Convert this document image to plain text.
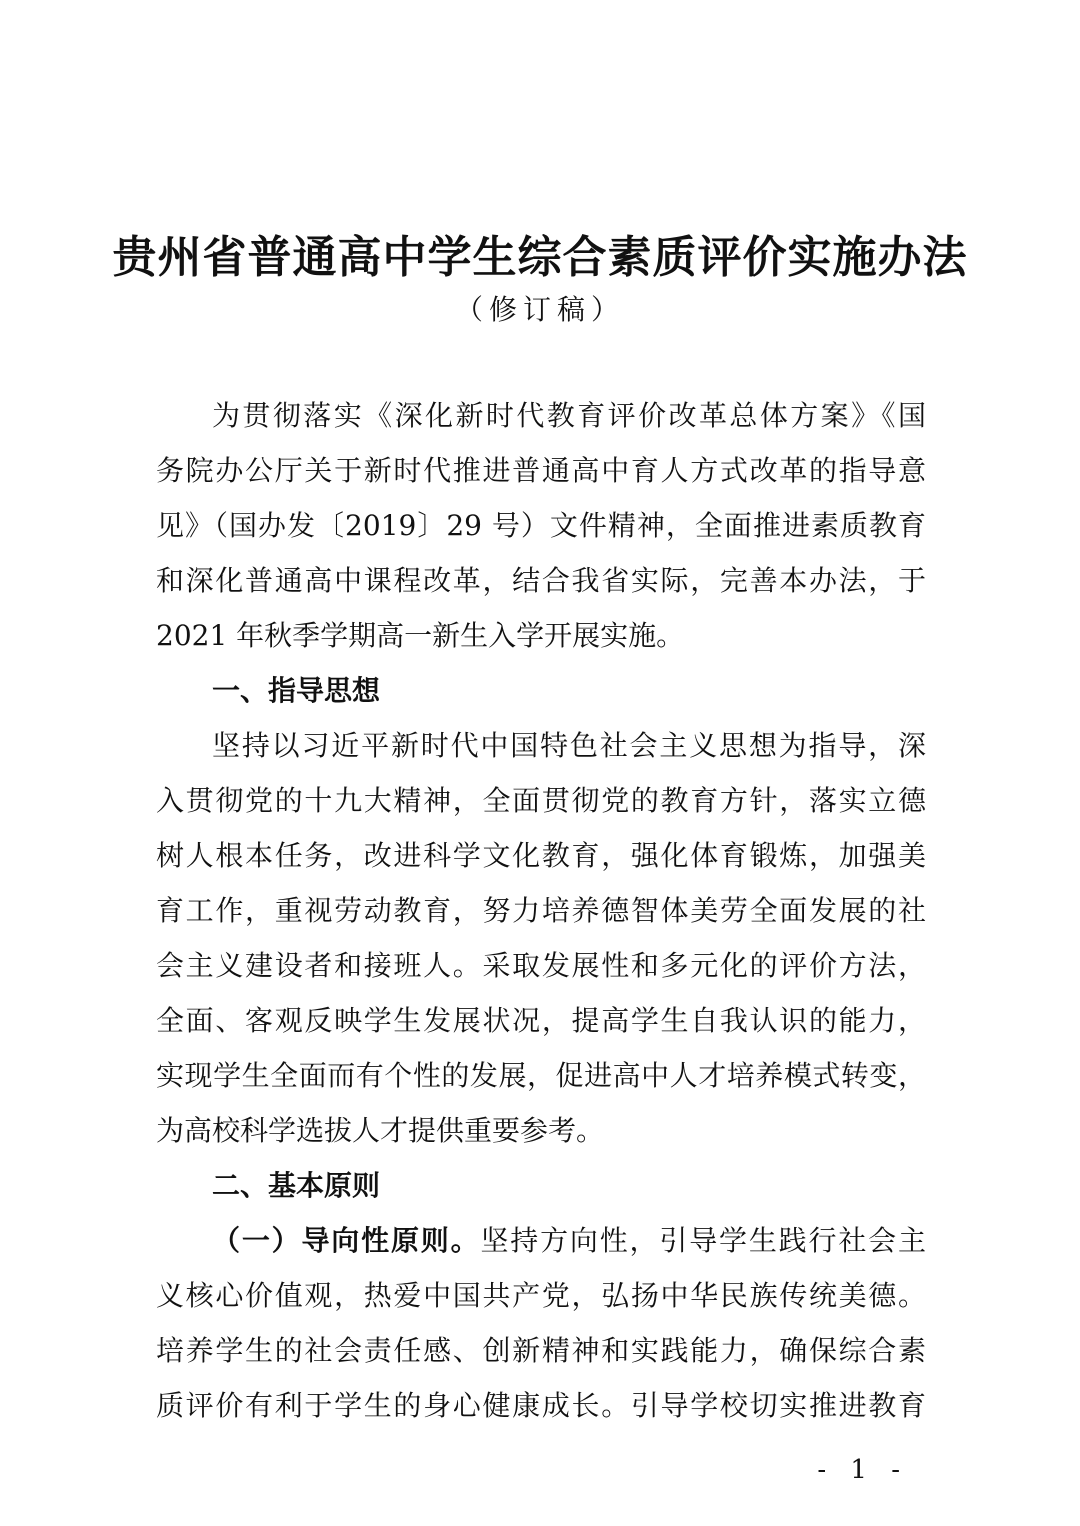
贵州省普通高中学生综合素质评价实施办法
（修订稿）
为贯彻落实《深化新时代教育评价改革总体方案》《国
务院办公厅关于新时代推进普通高中育人方式改革的指导意
见》（国办发〔2019〕29 号）文件精神，全面推进素质教育
和深化普通高中课程改革，结合我省实际，完善本办法，于
2021 年秋季学期高一新生入学开展实施。
一、指导思想
坚持以习近平新时代中国特色社会主义思想为指导，深
入贯彻党的十九大精神，全面贯彻党的教育方针，落实立德
树人根本任务，改进科学文化教育，强化体育锻炼，加强美
育工作，重视劳动教育，努力培养德智体美劳全面发展的社
会主义建设者和接班人。采取发展性和多元化的评价方法，
全面、客观反映学生发展状况，提高学生自我认识的能力，
实现学生全面而有个性的发展，促进高中人才培养模式转变，
为高校科学选拔人才提供重要参考。
二、基本原则
（一）导向性原则。坚持方向性，引导学生践行社会主
义核心价值观，热爱中国共产党，弘扬中华民族传统美德。
培养学生的社会责任感、创新精神和实践能力，确保综合素
质评价有利于学生的身心健康成长。引导学校切实推进教育
- 1 -
